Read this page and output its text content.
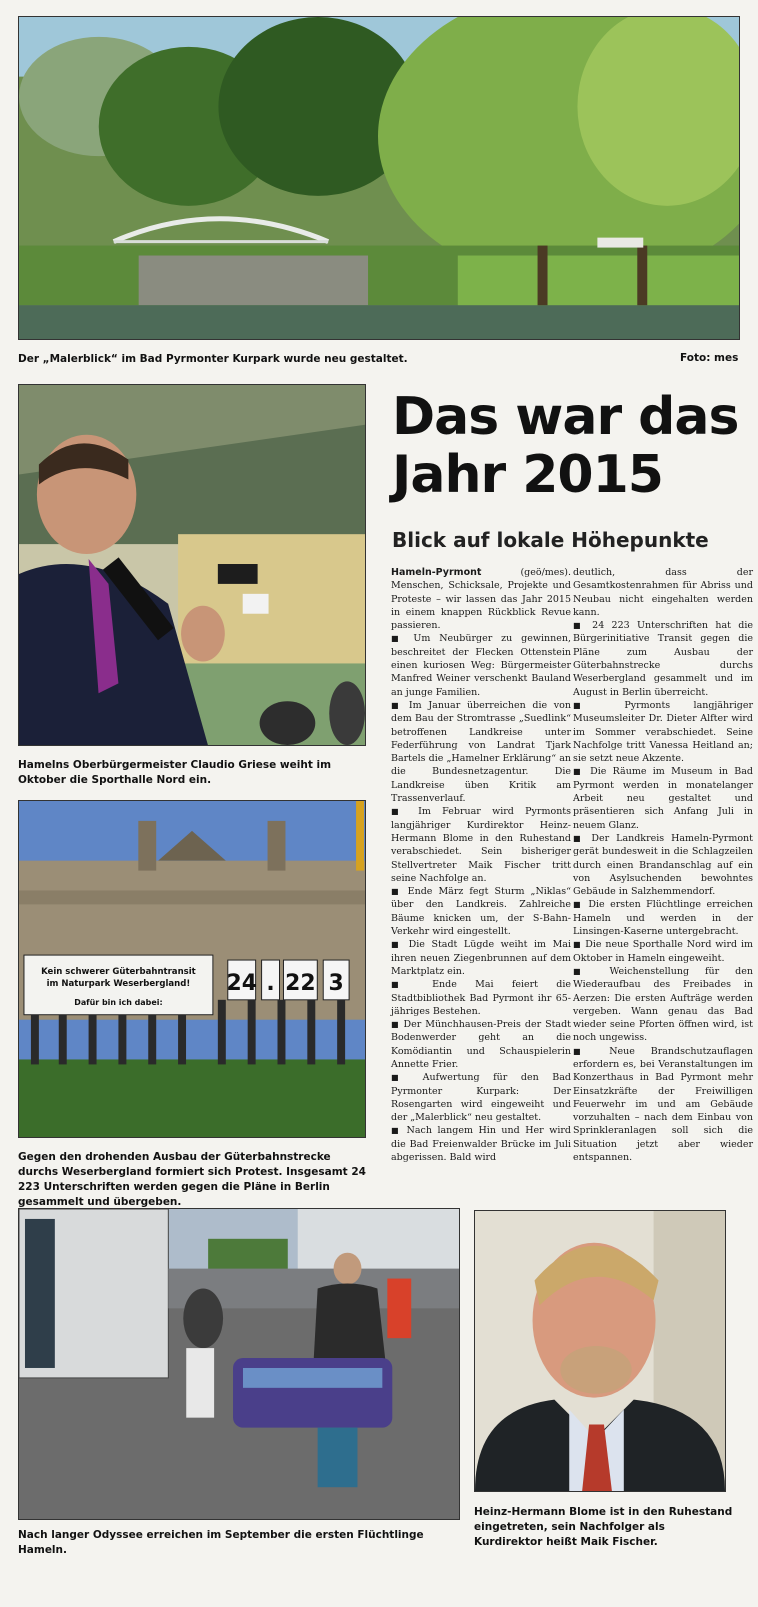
Der „Malerblick“ im Bad Pyrmonter Kurpark wurde neu gestaltet.	Foto: mes
Hamelns Oberbürgermeister Claudio Griese weiht im Oktober die Sporthalle Nord ein.
Kein schwerer Güterbahntransit
im Naturpark Weserbergland!
Dafür bin ich dabei:
24 . 22 3
Gegen den drohenden Ausbau der Güterbahnstrecke durchs Weserbergland formiert sich Protest. Insgesamt 24 223 Unterschriften werden gegen die Pläne in Berlin gesammelt und übergeben.
Nach langer Odyssee erreichen im September die ersten Flüchtlinge Hameln.
Heinz-Hermann Blome ist in den Ruhestand eingetreten, sein Nachfolger als Kurdirektor heißt Maik Fischer.
Das war das Jahr 2015
Blick auf lokale Höhepunkte

Hameln-Pyrmont	(geö/mes). Menschen, Schicksale, Projekte und Proteste – wir lassen das Jahr 2015 in einem knappen Rückblick Revue passieren.

■ Um Neubürger zu gewinnen, beschreitet der Flecken Ottenstein einen kuriosen Weg: Bürgermeister Manfred Weiner verschenkt Bauland an junge Familien.

■ Im Januar überreichen die von dem Bau der Stromtrasse „Suedlink“ betroffenen Landkreise unter Federführung von Landrat Tjark Bartels die „Hamelner Erklärung“ an die Bundesnetzagentur. Die Landkreise üben Kritik am Trassenverlauf.

■ Im Februar wird Pyrmonts langjähriger Kurdirektor Heinz-Hermann Blome in den Ruhestand verabschiedet. Sein bisheriger Stellvertreter Maik Fischer tritt seine Nachfolge an.

■ Ende März fegt Sturm „Niklas“ über den Landkreis. Zahlreiche Bäume knicken um, der S-Bahn-Verkehr wird eingestellt.

■ Die Stadt Lügde weiht im Mai ihren neuen Ziegenbrunnen auf dem Marktplatz ein.

■ Ende Mai feiert die Stadtbibliothek Bad Pyrmont ihr 65-jähriges Bestehen.

■ Der Münchhausen-Preis der Stadt Bodenwerder geht an die Komödiantin und Schauspielerin Annette Frier.

■ Aufwertung für den Bad Pyrmonter Kurpark: Der Rosengarten wird eingeweiht und der „Malerblick“ neu gestaltet.

■ Nach langem Hin und Her wird die Bad Freienwalder Brücke im Juli abgerissen. Bald wird

deutlich, dass der Gesamtkostenrahmen für Abriss und Neubau nicht eingehalten werden kann.

■ 24 223 Unterschriften hat die Bürgerinitiative Transit gegen die Pläne zum Ausbau der Güterbahnstrecke durchs Weserbergland gesammelt und im August in Berlin überreicht.

■ Pyrmonts langjähriger Museumsleiter Dr. Dieter Alfter wird im Sommer verabschiedet. Seine Nachfolge tritt Vanessa Heitland an; sie setzt neue Akzente.

■ Die Räume im Museum in Bad Pyrmont werden in monatelanger Arbeit neu gestaltet und präsentieren sich Anfang Juli in neuem Glanz.

■ Der Landkreis Hameln-Pyrmont gerät bundesweit in die Schlagzeilen durch einen Brandanschlag auf ein von Asylsuchenden bewohntes Gebäude in Salzhemmendorf.

■ Die ersten Flüchtlinge erreichen Hameln und werden in der Linsingen-Kaserne untergebracht.

■ Die neue Sporthalle Nord wird im Oktober in Hameln eingeweiht.

■ Weichenstellung für den Wiederaufbau des Freibades in Aerzen: Die ersten Aufträge werden vergeben. Wann genau das Bad wieder seine Pforten öffnen wird, ist noch ungewiss.

■ Neue Brandschutzauflagen erfordern es, bei Veranstaltungen im Konzerthaus in Bad Pyrmont mehr Einsatzkräfte der Freiwilligen Feuerwehr im und am Gebäude vorzuhalten – nach dem Einbau von Sprinkleranlagen soll sich die Situation jetzt aber wieder entspannen.
